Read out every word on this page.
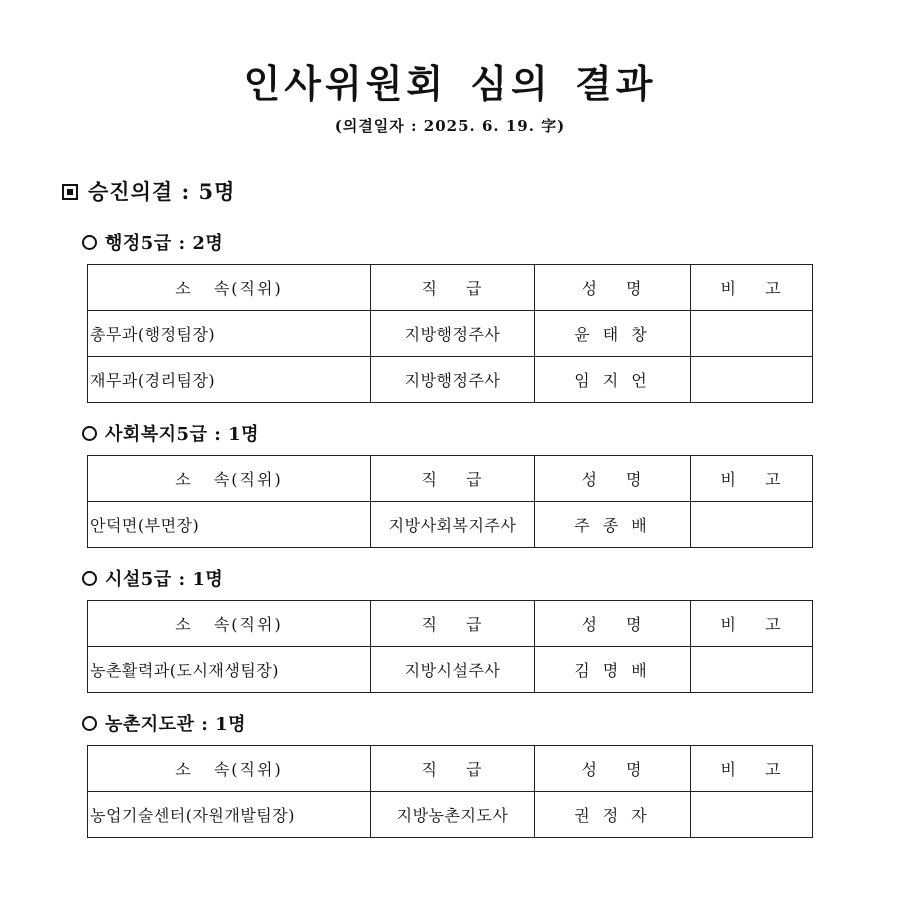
인사위원회 심의 결과
(의결일자 : 2025. 6. 19. 字)
승진의결 : 5명
행정5급 : 2명
소 속(직위)	직 급	성 명	비 고
총무과(행정팀장)	지방행정주사	윤 태 창	
재무과(경리팀장)	지방행정주사	임 지 언	
사회복지5급 : 1명
소 속(직위)	직 급	성 명	비 고
안덕면(부면장)	지방사회복지주사	주 종 배	
시설5급 : 1명
소 속(직위)	직 급	성 명	비 고
농촌활력과(도시재생팀장)	지방시설주사	김 명 배	
농촌지도관 : 1명
소 속(직위)	직 급	성 명	비 고
농업기술센터(자원개발팀장)	지방농촌지도사	권 정 자	
